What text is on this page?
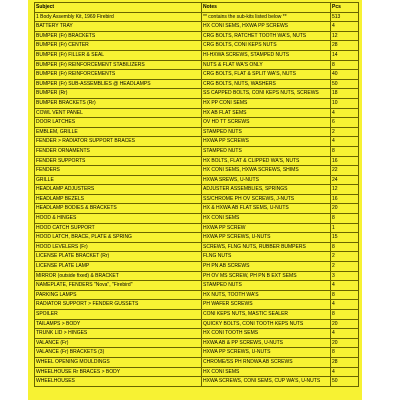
Subject	Notes	Pcs
1 Body Assembly Kit, 1969 Firebird	** contains the sub-kits listed below **	513
BATTERY TRAY	HX CONI SEMS, HXWA PP SCREWS	4
BUMPER (Fr) BRACKETS	CRG BOLTS, RATCHET TOOTH WA'S, NUTS	12
BUMPER (Fr) CENTER	CRG BOLTS, CONI KEPS NUTS	28
BUMPER (Fr) FILLER & SEAL	HI-HXWA SCREWS, STAMPED NUTS	14
BUMPER (Fr) REINFORCEMENT STABILIZERS	NUTS & FLAT WA'S ONLY	8
BUMPER (Fr) REINFORCEMENTS	CRG BOLTS, FLAT & SPLIT WA'S, NUTS	40
BUMPER (Fr) SUB-ASSEMBLIES @ HEADLAMPS	CRG BOLTS, NUTS, WASHERS	50
BUMPER (Rr)	SS CAPPED BOLTS, CONI KEPS NUTS, SCREWS	18
BUMPER BRACKETS (Rr)	HX PP CONI SEMS	10
COWL VENT PANEL	HX AB FLAT SEMS	4
DOOR LATCHES	OV HD TT SCREWS	6
EMBLEM, GRILLE	STAMPED NUTS	2
FENDER > RADIATOR SUPPORT BRACES	HXWA PP SCREWS	4
FENDER ORNAMENTS	STAMPED NUTS	8
FENDER SUPPORTS	HX BOLTS, FLAT & CLIPPED WA'S, NUTS	16
FENDERS	HX CONI SEMS, HXWA SCREWS, SHIMS	22
GRILLE	HXWA SREWS, U-NUTS	24
HEADLAMP ADJUSTERS	ADJUSTER ASSEMBLIES, SPRINGS	12
HEADLAMP BEZELS	SS/CHROME PH OV SCREWS, J-NUTS	16
HEADLAMP BODIES & BRACKETS	HX & HXWA AB FLAT SEMS, U-NUTS	20
HOOD & HINGES	HX CONI SEMS	8
HOOD CATCH SUPPORT	HXWA PP SCREW	1
HOOD LATCH, BRACE, PLATE & SPRING	HXWA PP SCREWS, U-NUTS	15
HOOD LEVELERS (Fr)	SCREWS, FLNG NUTS, RUBBER BUMPERS	8
LICENSE PLATE BRACKET (Rr)	FLNG NUTS	2
LICENSE PLATE LAMP	PH PN AB SCREWS	2
MIRROR (outside fixed) & BRACKET	PH OV MS SCREW, PH PN B EXT SEMS	3
NAMEPLATE, FENDERS "Nova", "Firebird"	STAMPED NUTS	4
PARKING LAMPS	HX NUTS, TOOTH WA'S	8
RADIATOR SUPPORT > FENDER GUSSETS	PH WAFER SCREWS	4
SPOILER	CONI KEPS NUTS, MASTIC SEALER	8
TAILAMPS > BODY	QUICKY BOLTS, CONI TOOTH KEPS NUTS	20
TRUNK LID > HINGES	HX CONI TOOTH SEMS	4
VALANCE (Fr)	HXWA AB & PP SCREWS, U-NUTS	20
VALANCE (Fr) BRACKETS (3)	HXWA PP SCREWS, U-NUTS	8
WHEEL OPENING MOULDINGS	CHROME/SS PH RNDWA AB SCREWS	28
WHEELHOUSE Rr BRACES > BODY	HX CONI SEMS	4
WHEELHOUSES	HXWA SCREWS, CONI SEMS, CUP WA'S, U-NUTS	50
